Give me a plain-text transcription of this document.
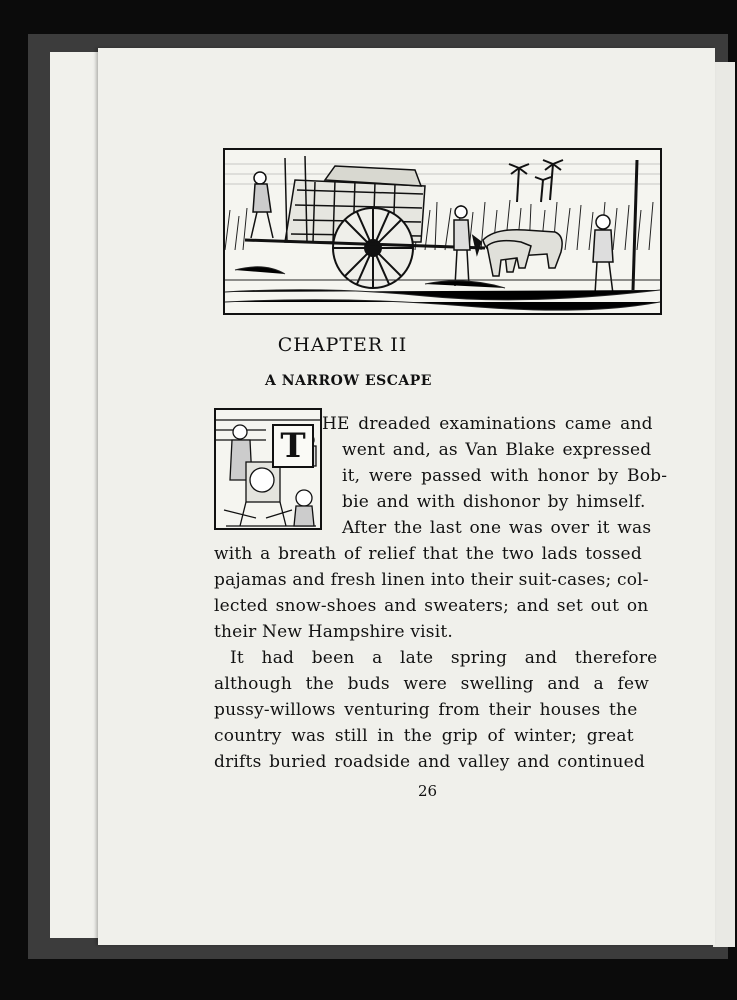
CHAPTER II
A NARROW ESCAPE
T
HE dreaded examinations came and
went and, as Van Blake expressed
it, were passed with honor by Bob-
bie and with dishonor by himself.
After the last one was over it was
with a breath of relief that the two lads tossed
pajamas and fresh linen into their suit-cases; col-
lected snow-shoes and sweaters; and set out on
their New Hampshire visit.
It had been a late spring and therefore
although the buds were swelling and a few
pussy-willows venturing from their houses the
country was still in the grip of winter; great
drifts buried roadside and valley and continued
26
